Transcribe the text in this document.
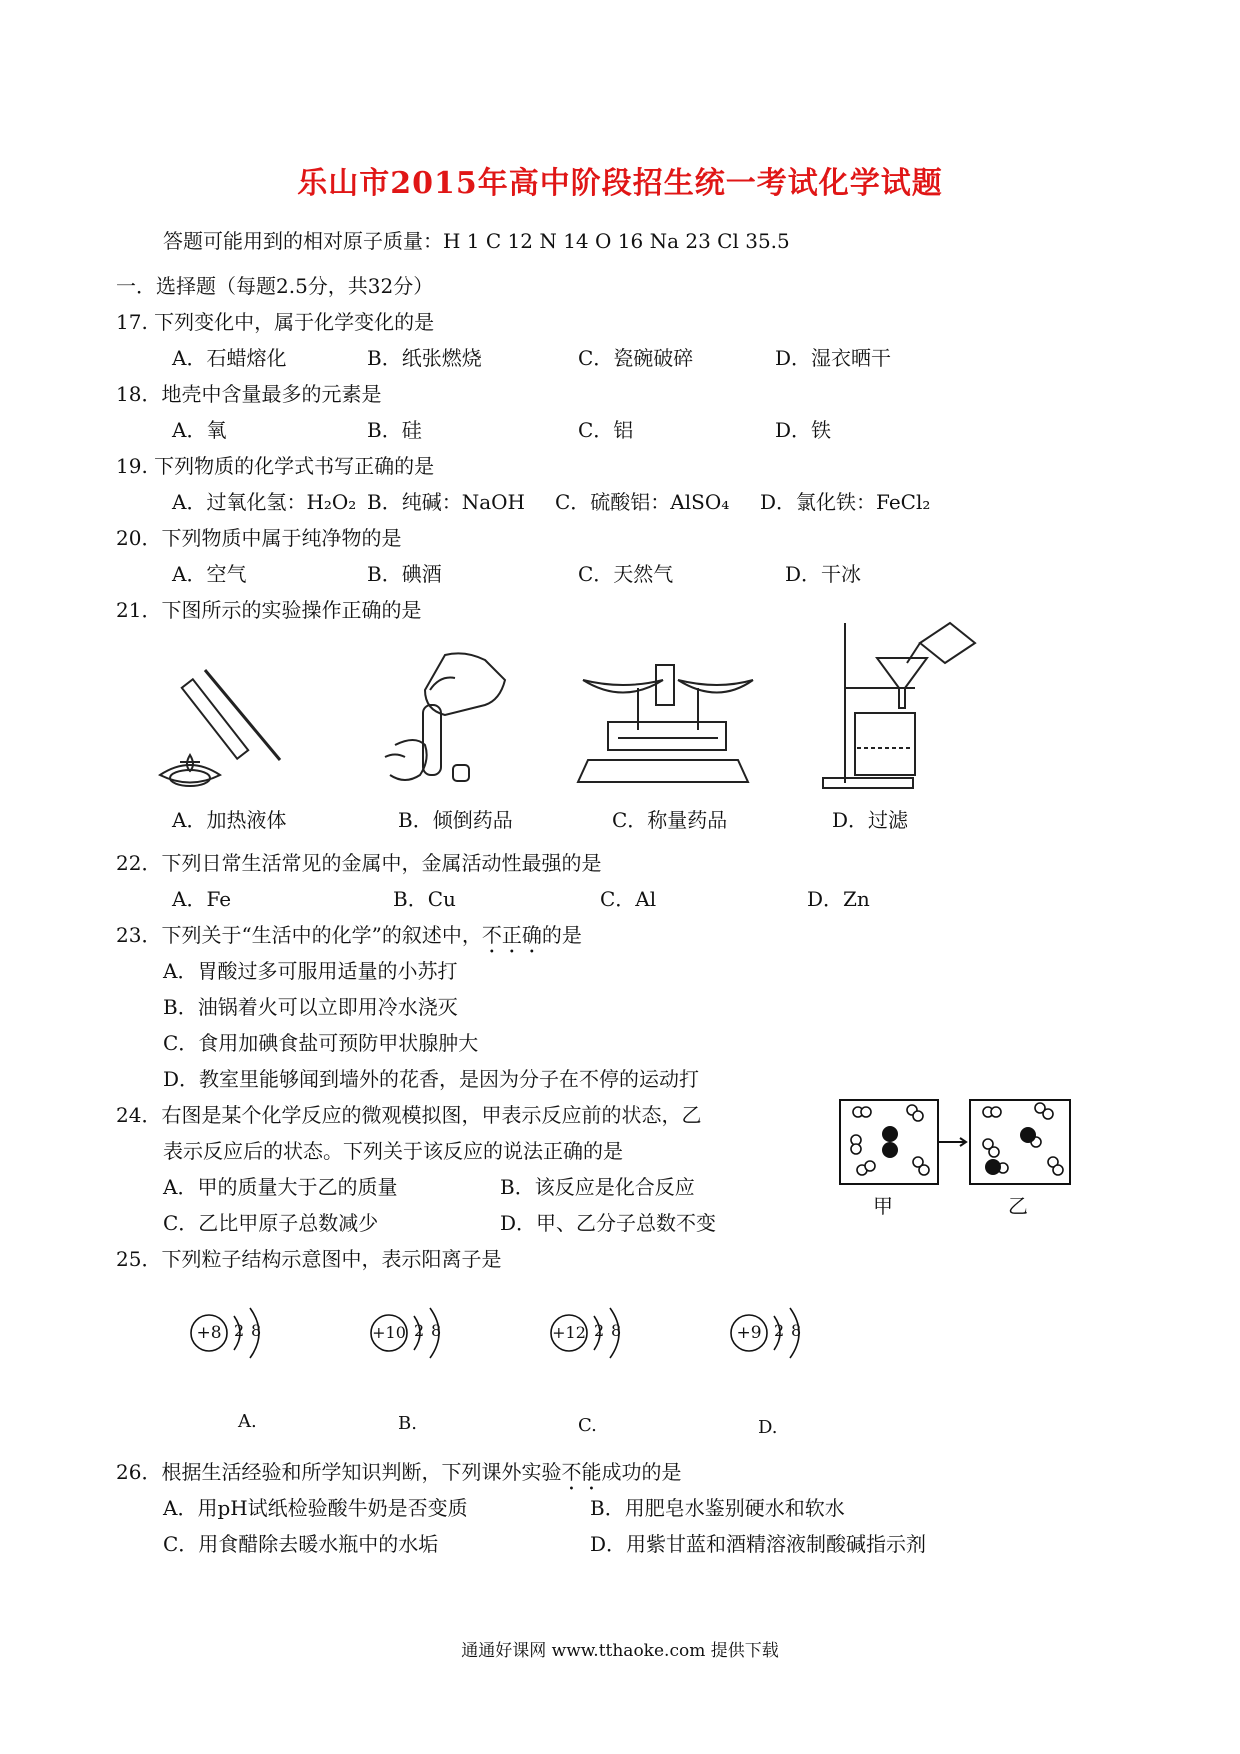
乐山市2015年高中阶段招生统一考试化学试题
答题可能用到的相对原子质量：H 1 C 12 N 14 O 16 Na 23 Cl 35.5
一．选择题（每题2.5分，共32分）
17. 下列变化中，属于化学变化的是
A．石蜡熔化	B．纸张燃烧	C．瓷碗破碎	D．湿衣晒干
18．地壳中含量最多的元素是
A．氧	B．硅	C．铝	D．铁
19. 下列物质的化学式书写正确的是
A．过氧化氢：H₂O₂ B．纯碱：NaOH C．硫酸铝：AlSO₄ D．氯化铁：FeCl₂
20．下列物质中属于纯净物的是
A．空气	B．碘酒	C．天然气	D．干冰
21．下图所示的实验操作正确的是
A．加热液体	B．倾倒药品	C．称量药品	D．过滤
22．下列日常生活常见的金属中，金属活动性最强的是
A．Fe	B．Cu	C．Al	D．Zn
23．下列关于“生活中的化学”的叙述中，不正确的是
A．胃酸过多可服用适量的小苏打
B．油锅着火可以立即用冷水浇灭
C．食用加碘食盐可预防甲状腺肿大
D．教室里能够闻到墙外的花香，是因为分子在不停的运动打
24．右图是某个化学反应的微观模拟图，甲表示反应前的状态，乙
表示反应后的状态。下列关于该反应的说法正确的是
A．甲的质量大于乙的质量	B．该反应是化合反应
C．乙比甲原子总数减少	D．甲、乙分子总数不变
甲	乙
25．下列粒子结构示意图中，表示阳离子是
+8 2 8	+10 2 8	+12 2 8	+9 2 8
A.	B.	C.	D.
26．根据生活经验和所学知识判断，下列课外实验不能成功的是
A．用pH试纸检验酸牛奶是否变质	B．用肥皂水鉴别硬水和软水
C．用食醋除去暖水瓶中的水垢	D．用紫甘蓝和酒精溶液制酸碱指示剂
通通好课网 www.tthaoke.com 提供下载
